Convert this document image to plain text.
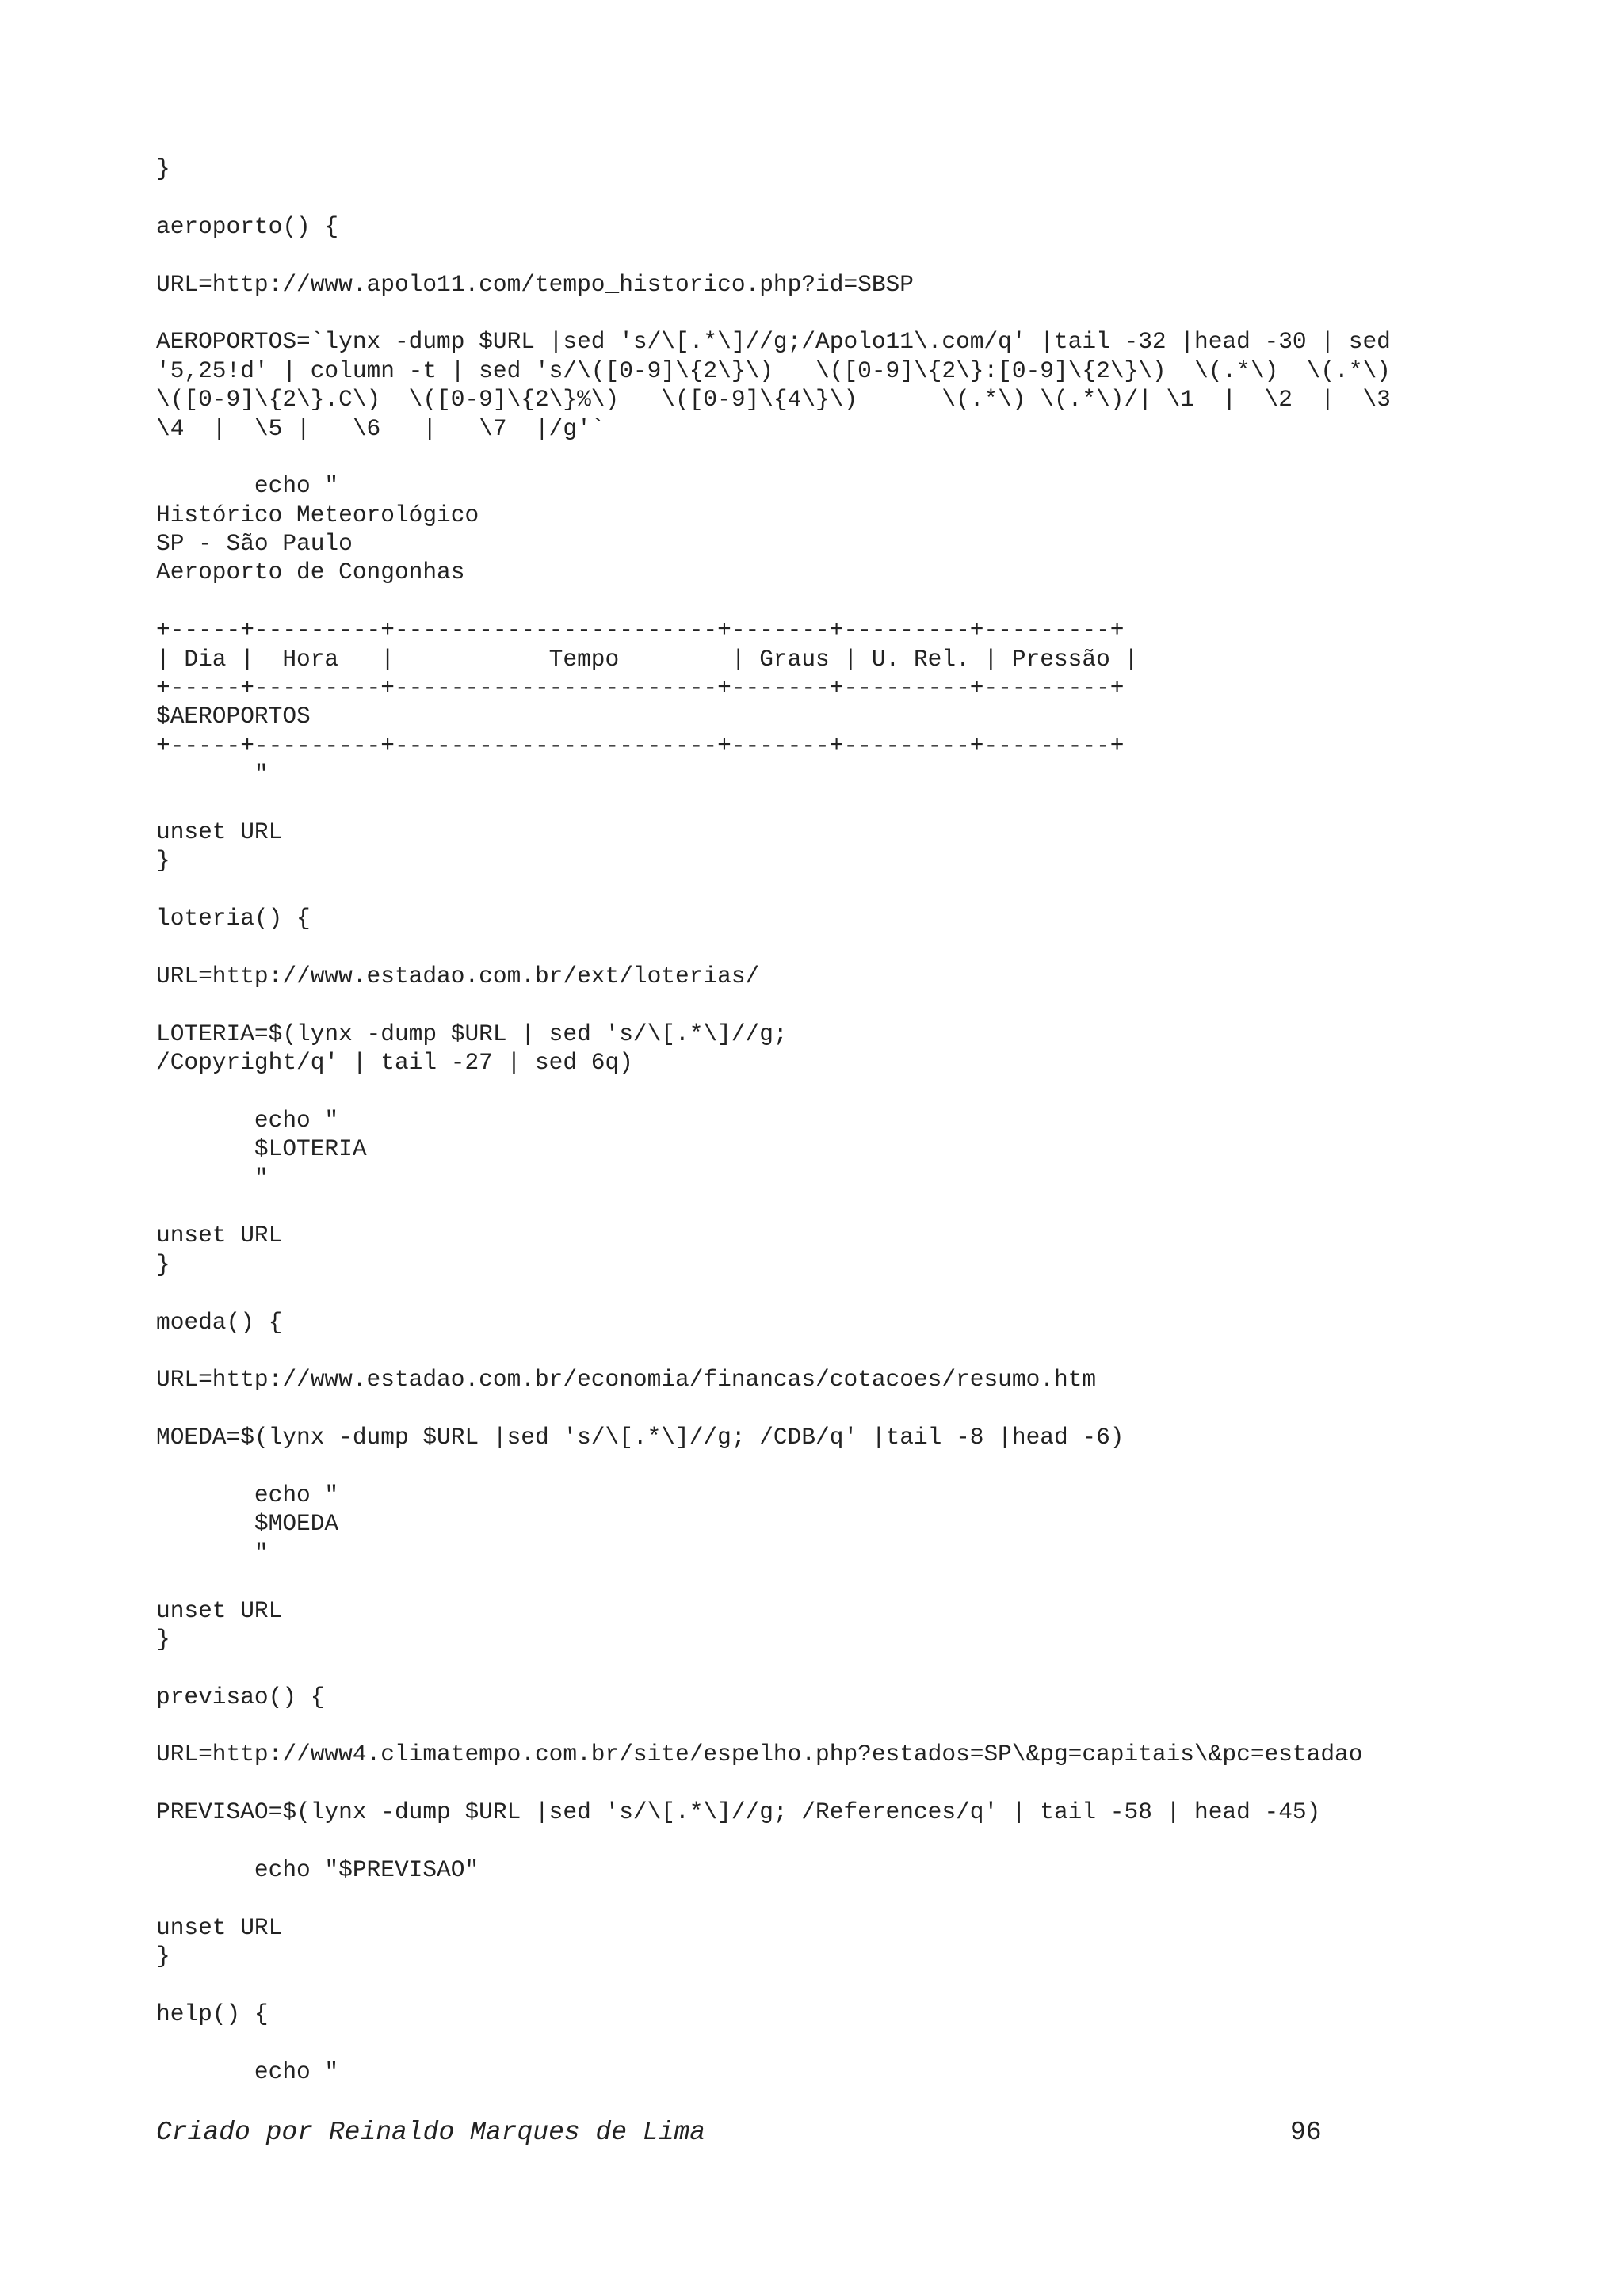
}
aeroporto() {
URL=http://www.apolo11.com/tempo_historico.php?id=SBSP
AEROPORTOS=`lynx -dump $URL |sed 's/\[.*\]//g;/Apolo11\.com/q' |tail -32 |head -30 | sed
'5,25!d' | column -t | sed 's/\([0-9]\{2\}\)   \([0-9]\{2\}:[0-9]\{2\}\)  \(.*\)  \(.*\)
\([0-9]\{2\}.C\)  \([0-9]\{2\}%\)   \([0-9]\{4\}\)      \(.*\) \(.*\)/| \1  |  \2  |  \3
\4  |  \5 |   \6   |   \7  |/g'`
echo "
Histórico Meteorológico
SP - São Paulo
Aeroporto de Congonhas
+-----+---------+-----------------------+-------+---------+---------+
| Dia |  Hora   |           Tempo        | Graus | U. Rel. | Pressão |
+-----+---------+-----------------------+-------+---------+---------+
$AEROPORTOS
+-----+---------+-----------------------+-------+---------+---------+
"
unset URL
}
loteria() {
URL=http://www.estadao.com.br/ext/loterias/
LOTERIA=$(lynx -dump $URL | sed 's/\[.*\]//g;
/Copyright/q' | tail -27 | sed 6q)
echo "
$LOTERIA
"
unset URL
}
moeda() {
URL=http://www.estadao.com.br/economia/financas/cotacoes/resumo.htm
MOEDA=$(lynx -dump $URL |sed 's/\[.*\]//g; /CDB/q' |tail -8 |head -6)
echo "
$MOEDA
"
unset URL
}
previsao() {
URL=http://www4.climatempo.com.br/site/espelho.php?estados=SP\&pg=capitais\&pc=estadao
PREVISAO=$(lynx -dump $URL |sed 's/\[.*\]//g; /References/q' | tail -58 | head -45)
echo "$PREVISAO"
unset URL
}
help() {
echo "
Criado por Reinaldo Marques de Lima	96
